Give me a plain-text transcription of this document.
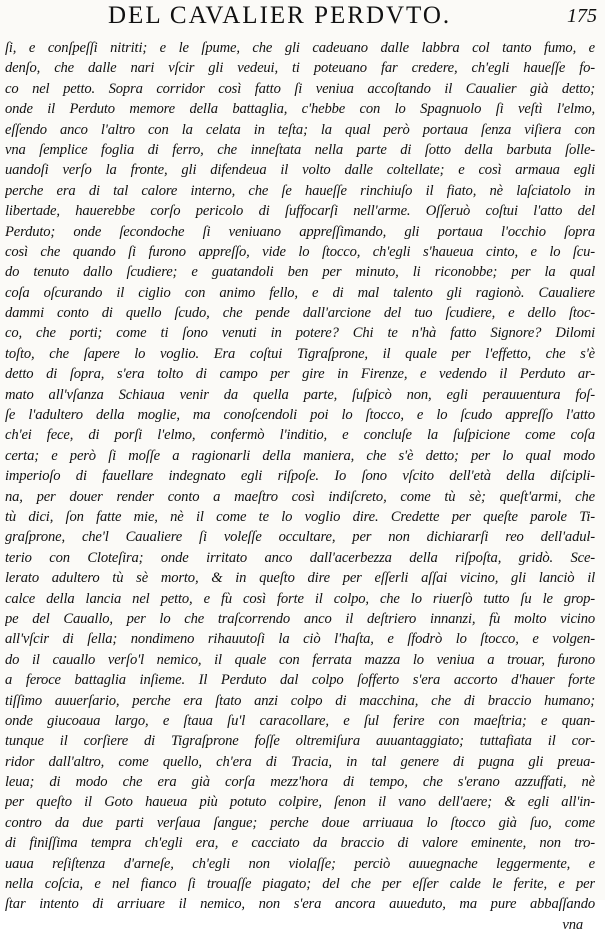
DEL CAVALIER PERDVTO.	175
ſi, e conſpeſſi nitriti; e le ſpume, che gli cadeuano dalle labbra col tanto fumo, e
denſo, che dalle nari vſcir gli vedeui, ti poteuano far credere, ch'egli haueſſe fo-
co nel petto. Sopra corridor così fatto ſi veniua accoſtando il Caualier già detto;
onde il Perduto memore della battaglia, c'hebbe con lo Spagnuolo ſi veſtì l'elmo,
eſſendo anco l'altro con la celata in teſta; la qual però portaua ſenza viſiera con
vna ſemplice foglia di ferro, che inneſtata nella parte di ſotto della barbuta ſolle-
uandoſi verſo la fronte, gli difendeua il volto dalle coltellate; e così armaua egli
perche era di tal calore interno, che ſe haueſſe rinchiuſo il fiato, nè laſciatolo in
libertade, hauerebbe corſo pericolo di ſuffocarſi nell'arme. Oſſeruò coſtui l'atto del
Perduto; onde ſecondoche ſi veniuano appreſſimando, gli portaua l'occhio ſopra
così che quando ſi furono appreſſo, vide lo ſtocco, ch'egli s'haueua cinto, e lo ſcu-
do tenuto dallo ſcudiere; e guatandoli ben per minuto, li riconobbe; per la qual
coſa oſcurando il ciglio con animo fello, e di mal talento gli ragionò. Caualiere
dammi conto di quello ſcudo, che pende dall'arcione del tuo ſcudiere, e dello ſtoc-
co, che porti; come ti ſono venuti in potere? Chi te n'hà fatto Signore? Dilomi
toſto, che ſapere lo voglio. Era coſtui Tigraſprone, il quale per l'effetto, che s'è
detto di ſopra, s'era tolto di campo per gire in Firenze, e vedendo il Perduto ar-
mato all'vſanza Schiaua venir da quella parte, ſuſpicò non, egli perauuentura foſ-
ſe l'adultero della moglie, ma conoſcendoli poi lo ſtocco, e lo ſcudo appreſſo l'atto
ch'ei fece, di porſi l'elmo, confermò l'inditio, e concluſe la ſuſpicione come coſa
certa; e però ſi moſſe a ragionarli della maniera, che s'è detto; per lo qual modo
imperioſo di fauellare indegnato egli riſpoſe. Io ſono vſcito dell'età della diſcipli-
na, per douer render conto a maeſtro così indiſcreto, come tù sè; queſt'armi, che
tù dici, ſon fatte mie, nè il come te lo voglio dire. Credette per queſte parole Ti-
graſprone, che'l Caualiere ſi voleſſe occultare, per non dichiararſi reo dell'adul-
terio con Cloteſira; onde irritato anco dall'acerbezza della riſpoſta, gridò. Sce-
lerato adultero tù sè morto, & in queſto dire per eſſerli aſſai vicino, gli lanciò il
calce della lancia nel petto, e fù così forte il colpo, che lo riuerſò tutto ſu le grop-
pe del Cauallo, per lo che traſcorrendo anco il deſtriero innanzi, fù molto vicino
all'vſcir di ſella; nondimeno rihauutoſi la ciò l'haſta, e ſfodrò lo ſtocco, e volgen-
do il cauallo verſo'l nemico, il quale con ferrata mazza lo veniua a trouar, furono
a feroce battaglia inſieme. Il Perduto dal colpo ſofferto s'era accorto d'hauer forte
tiſſimo auuerſario, perche era ſtato anzi colpo di macchina, che di braccio humano;
onde giucoaua largo, e ſtaua ſu'l caracollare, e ſul ferire con maeſtria; e quan-
tunque il corſiere di Tigraſprone foſſe oltremiſura auuantaggiato; tuttafiata il cor-
ridor dall'altro, come quello, ch'era di Tracia, in tal genere di pugna gli preua-
leua; di modo che era già corſa mezz'hora di tempo, che s'erano azzuffati, nè
per queſto il Goto haueua più potuto colpire, ſenon il vano dell'aere; & egli all'in-
contro da due parti verſaua ſangue; perche doue arriuaua lo ſtocco già ſuo, come
di finiſſima tempra ch'egli era, e cacciato da braccio di valore eminente, non tro-
uaua reſiſtenza d'arneſe, ch'egli non violaſſe; perciò auuegnache leggermente, e
nella coſcia, e nel fianco ſi trouaſſe piagato; del che per eſſer calde le ferite, e per
ſtar intento di arriuare il nemico, non s'era ancora auueduto, ma pure abbaſſando
vna
